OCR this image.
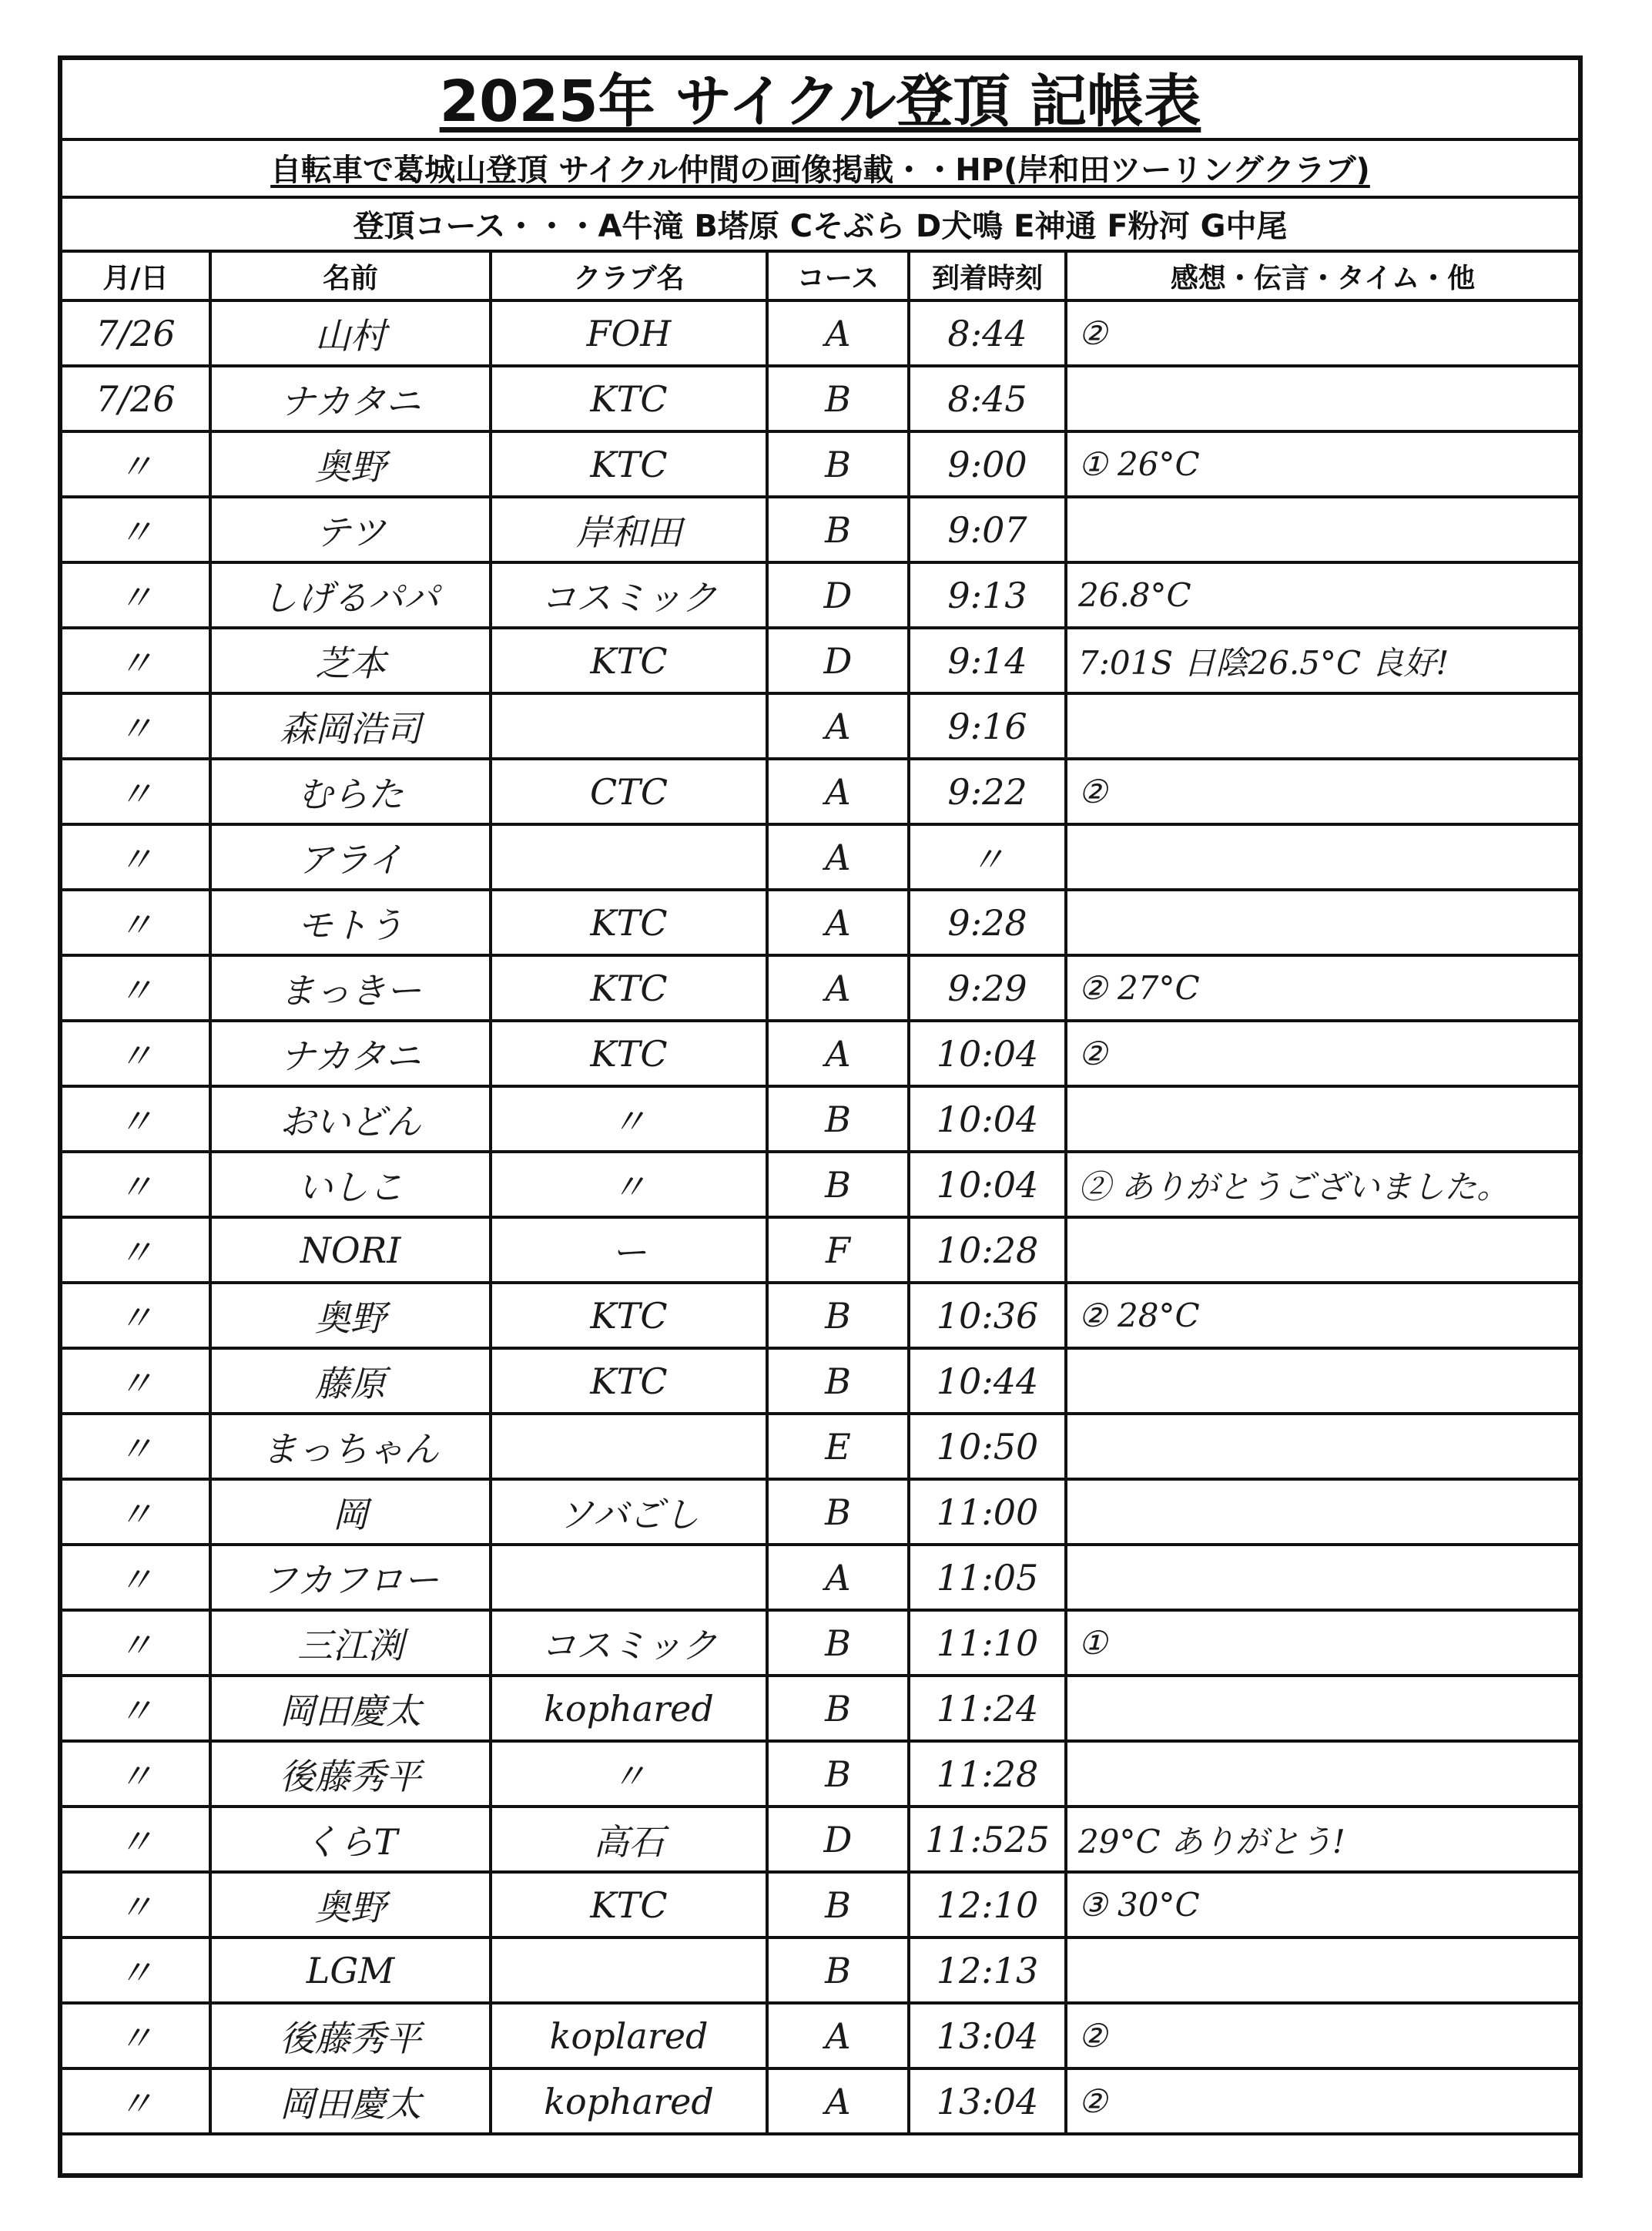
2025年 サイクル登頂 記帳表
自転車で葛城山登頂 サイクル仲間の画像掲載・・HP(岸和田ツーリングクラブ)
登頂コース・・・A牛滝 B塔原 Cそぶら D犬鳴 E神通 F粉河 G中尾
月/日	名前	クラブ名	コース	到着時刻	感想・伝言・タイム・他
7/26	山村	FOH	A	8:44	②
7/26	ナカタニ	KTC	B	8:45	
〃	奥野	KTC	B	9:00	① 26°C
〃	テツ	岸和田	B	9:07	
〃	しげるパパ	コスミック	D	9:13	26.8°C
〃	芝本	KTC	D	9:14	7:01S 日陰26.5°C 良好!
〃	森岡浩司		A	9:16	
〃	むらた	CTC	A	9:22	②
〃	アライ		A	〃	
〃	モトう	KTC	A	9:28	
〃	まっきー	KTC	A	9:29	② 27°C
〃	ナカタニ	KTC	A	10:04	②
〃	おいどん	〃	B	10:04	
〃	いしこ	〃	B	10:04	② ありがとうございました。
〃	NORI	ー	F	10:28	
〃	奥野	KTC	B	10:36	② 28°C
〃	藤原	KTC	B	10:44	
〃	まっちゃん		E	10:50	
〃	岡	ソバごし	B	11:00	
〃	フカフロー		A	11:05	
〃	三江渕	コスミック	B	11:10	①
〃	岡田慶太	kophared	B	11:24	
〃	後藤秀平	〃	B	11:28	
〃	くらT	高石	D	11:525	29°C ありがとう!
〃	奥野	KTC	B	12:10	③ 30°C
〃	LGM		B	12:13	
〃	後藤秀平	koplared	A	13:04	②
〃	岡田慶太	kophared	A	13:04	②
